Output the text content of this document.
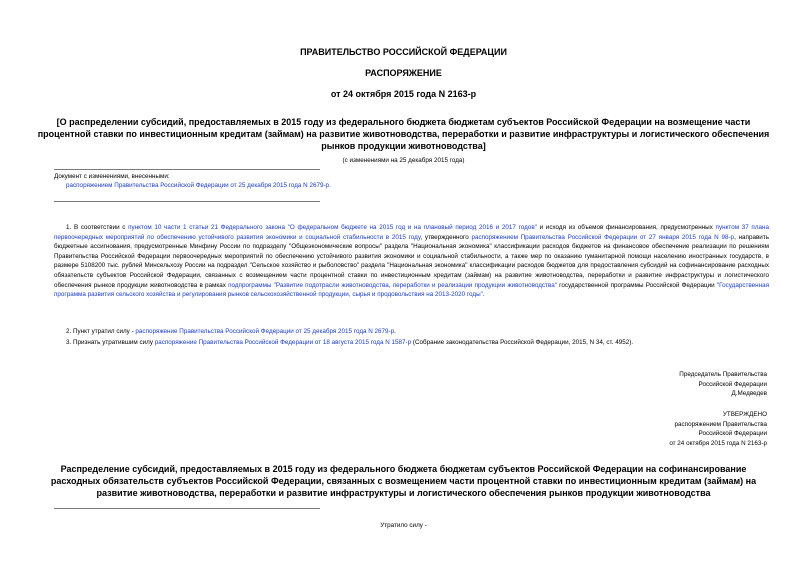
ПРАВИТЕЛЬСТВО РОССИЙСКОЙ ФЕДЕРАЦИИ
РАСПОРЯЖЕНИЕ
от 24 октября 2015 года N 2163-р
[О распределении субсидий, предоставляемых в 2015 году из федерального бюджета бюджетам субъектов Российской Федерации на возмещение части
процентной ставки по инвестиционным кредитам (займам) на развитие животноводства, переработки и развитие инфраструктуры и логистического обеспечения
рынков продукции животноводства]
(с изменениями на 25 декабря 2015 года)
Документ с изменениями, внесенными:
распоряжением Правительства Российской Федерации от 25 декабря 2015 года N 2679-р.
1. В соответствии с пунктом 10 части 1 статьи 21 Федерального закона "О федеральном бюджете на 2015 год и на плановый период 2016 и 2017 годов" и исходя из объемов финансирования, предусмотренных пунктом 37 плана первоочередных мероприятий по обеспечению устойчивого развития экономики и социальной стабильности в 2015 году, утвержденного распоряжением Правительства Российской Федерации от 27 января 2015 года N 98-р, направить бюджетные ассигнования, предусмотренные Минфину России по подразделу "Общеэкономические вопросы" раздела "Национальная экономика" классификации расходов бюджетов на финансовое обеспечение реализации по решениям Правительства Российской Федерации первоочередных мероприятий по обеспечению устойчивого развития экономики и социальной стабильности, а также мер по оказанию гуманитарной помощи населению иностранных государств, в размере 5108200 тыс. рублей Минсельхозу России на подраздел "Сельское хозяйство и рыболовство" раздела "Национальная экономика" классификации расходов бюджетов для предоставления субсидий на софинансирование расходных обязательств субъектов Российской Федерации, связанных с возмещением части процентной ставки по инвестиционным кредитам (займам) на развитие животноводства, переработки и развитие инфраструктуры и логистического обеспечения рынков продукции животноводства в рамках подпрограммы "Развитие подотрасли животноводства, переработки и реализации продукции животноводства" государственной программы Российской Федерации "Государственная программа развития сельского хозяйства и регулирования рынков сельскохозяйственной продукции, сырья и продовольствия на 2013-2020 годы".
2. Пункт утратил силу - распоряжение Правительства Российской Федерации от 25 декабря 2015 года N 2679-р.
3. Признать утратившим силу распоряжение Правительства Российской Федерации от 18 августа 2015 года N 1587-р (Собрание законодательства Российской Федерации, 2015, N 34, ст. 4952).
Председатель Правительства
Российской Федерации
Д.Медведев
УТВЕРЖДЕНО
распоряжением Правительства
Российской Федерации
от 24 октября 2015 года N 2163-р
Распределение субсидий, предоставляемых в 2015 году из федерального бюджета бюджетам субъектов Российской Федерации на софинансирование
расходных обязательств субъектов Российской Федерации, связанных с возмещением части процентной ставки по инвестиционным кредитам (займам) на
развитие животноводства, переработки и развитие инфраструктуры и логистического обеспечения рынков продукции животноводства
Утратило силу -
